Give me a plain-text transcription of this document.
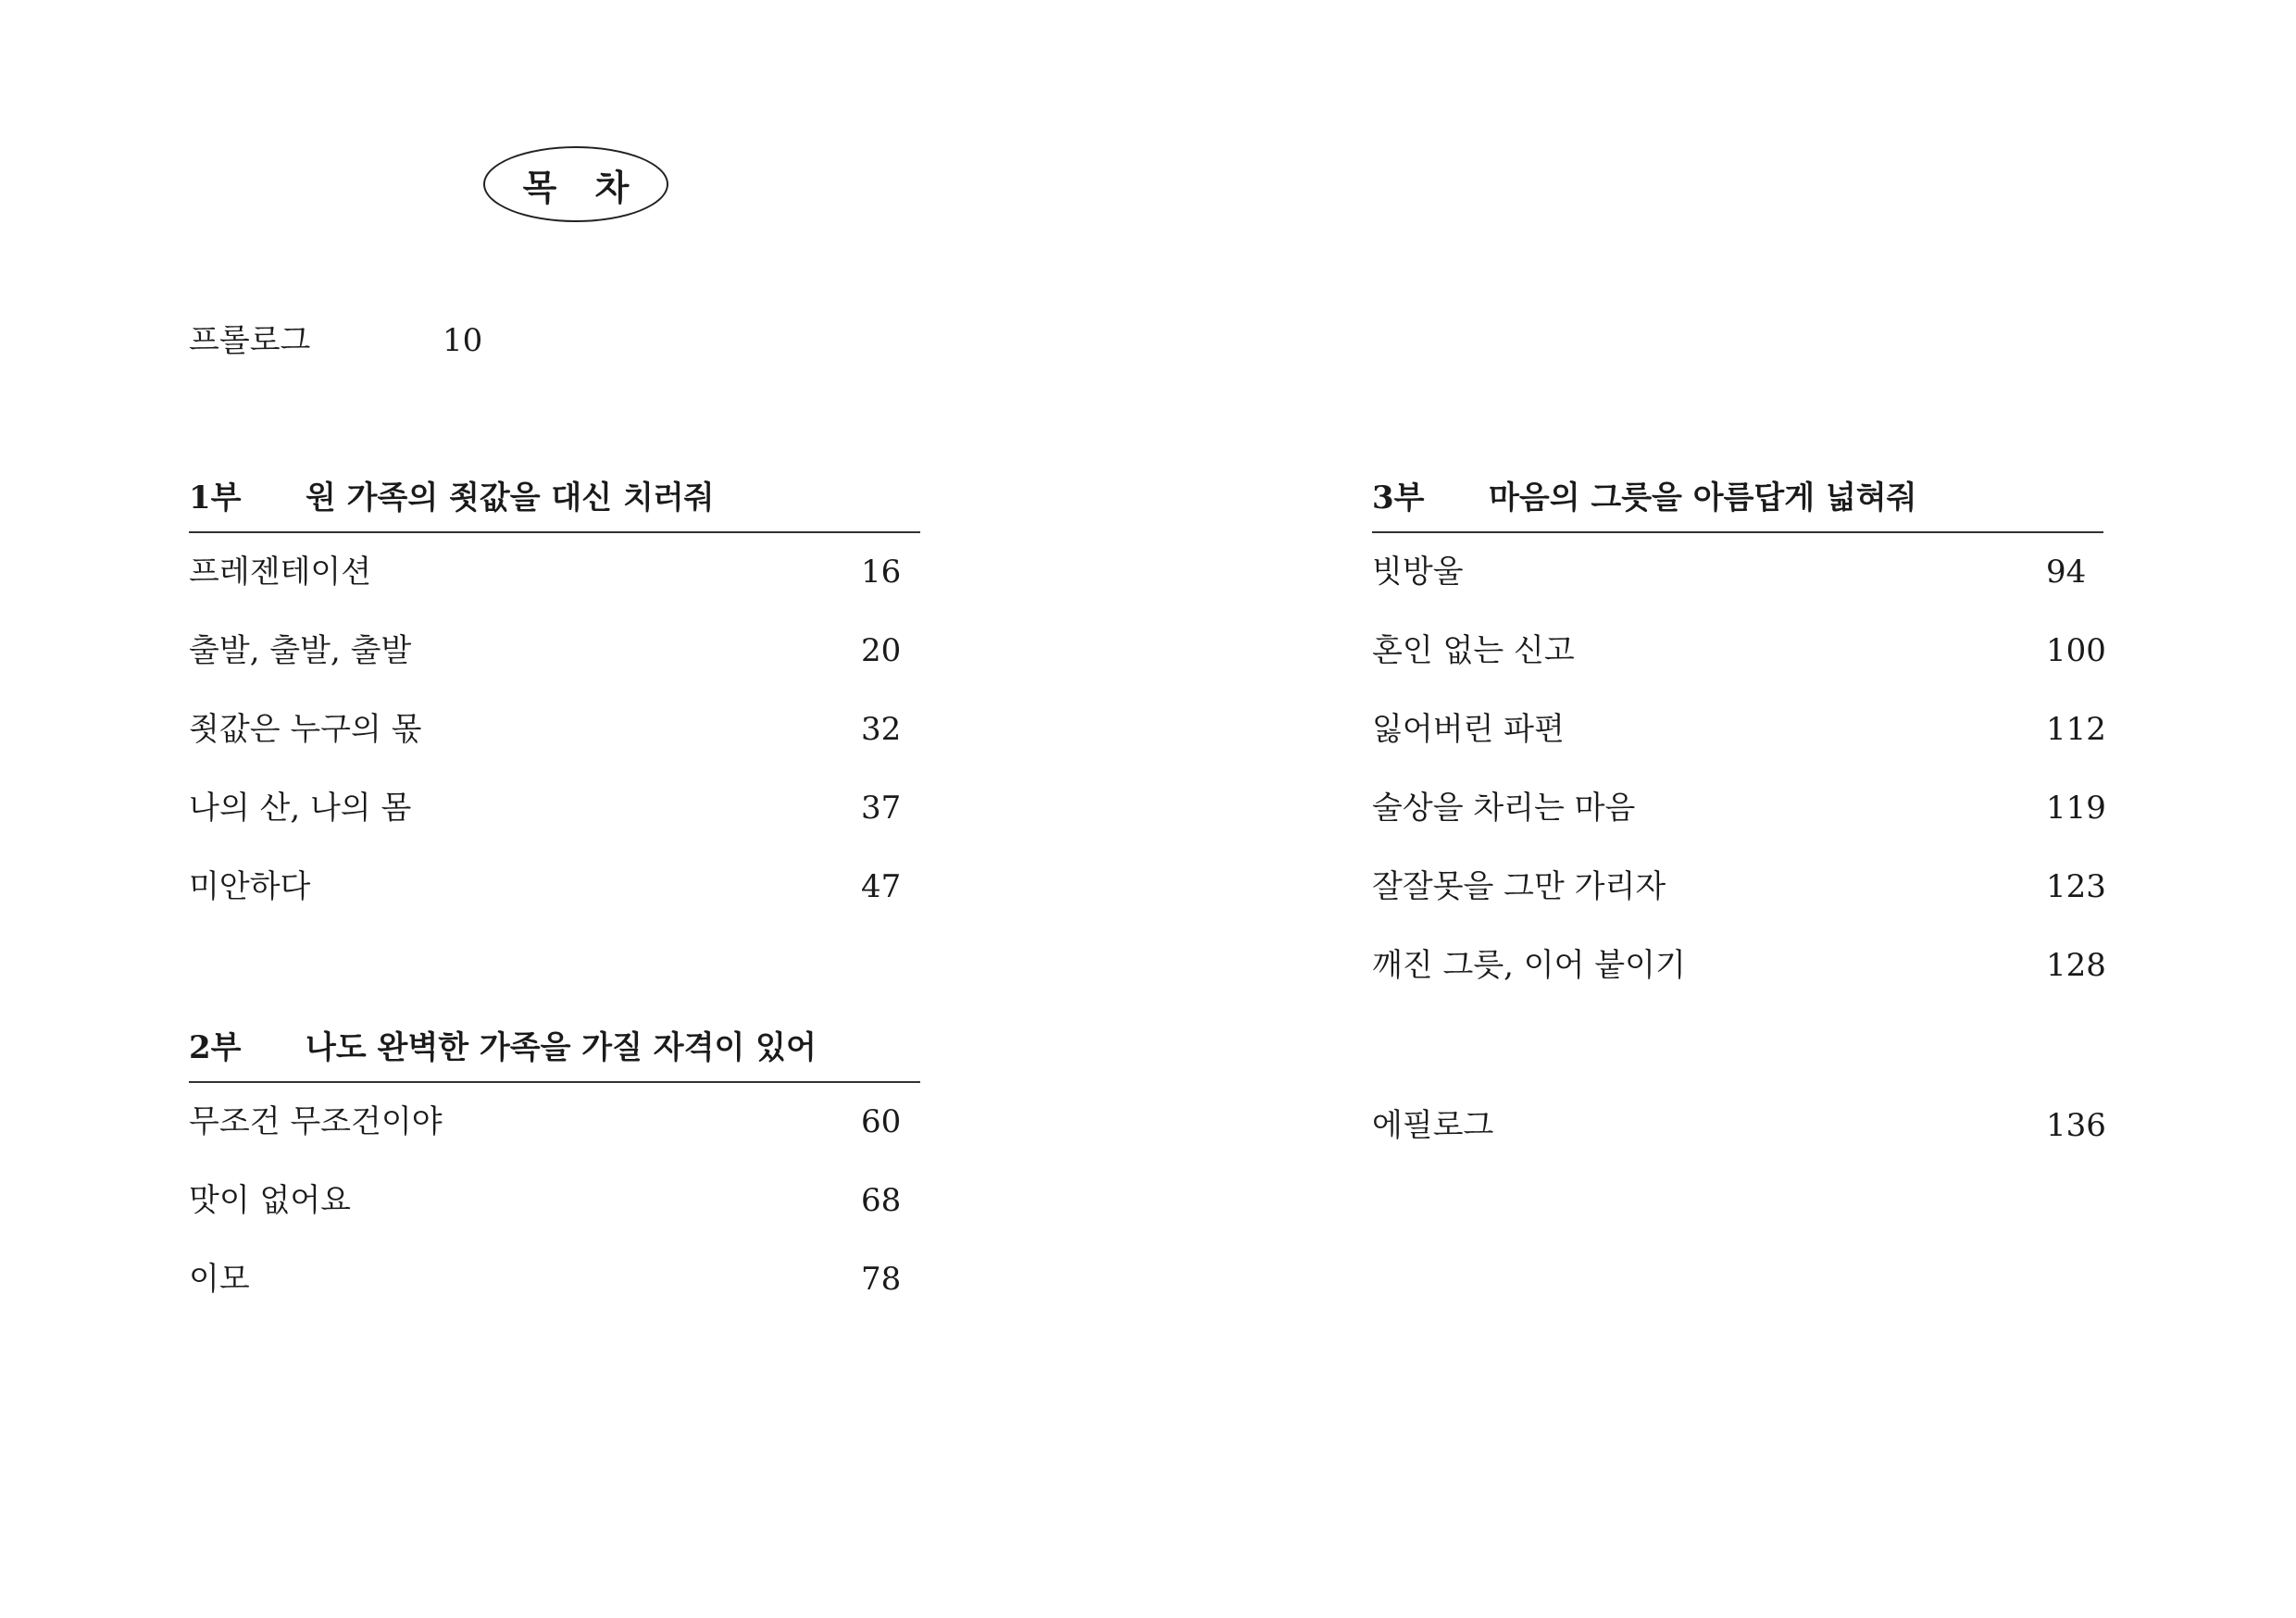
목 차
프롤로그	10
1부 원 가족의 죗값을 대신 치러줘
프레젠테이션	16
출발, 출발, 출발	20
죗값은 누구의 몫	32
나의 산, 나의 몸	37
미안하다	47
2부 나도 완벽한 가족을 가질 자격이 있어
무조건 무조건이야	60
맛이 없어요	68
이모	78
3부 마음의 그릇을 아름답게 넓혀줘
빗방울	94
혼인 없는 신고	100
잃어버린 파편	112
술상을 차리는 마음	119
잘잘못을 그만 가리자	123
깨진 그릇, 이어 붙이기	128
에필로그	136
